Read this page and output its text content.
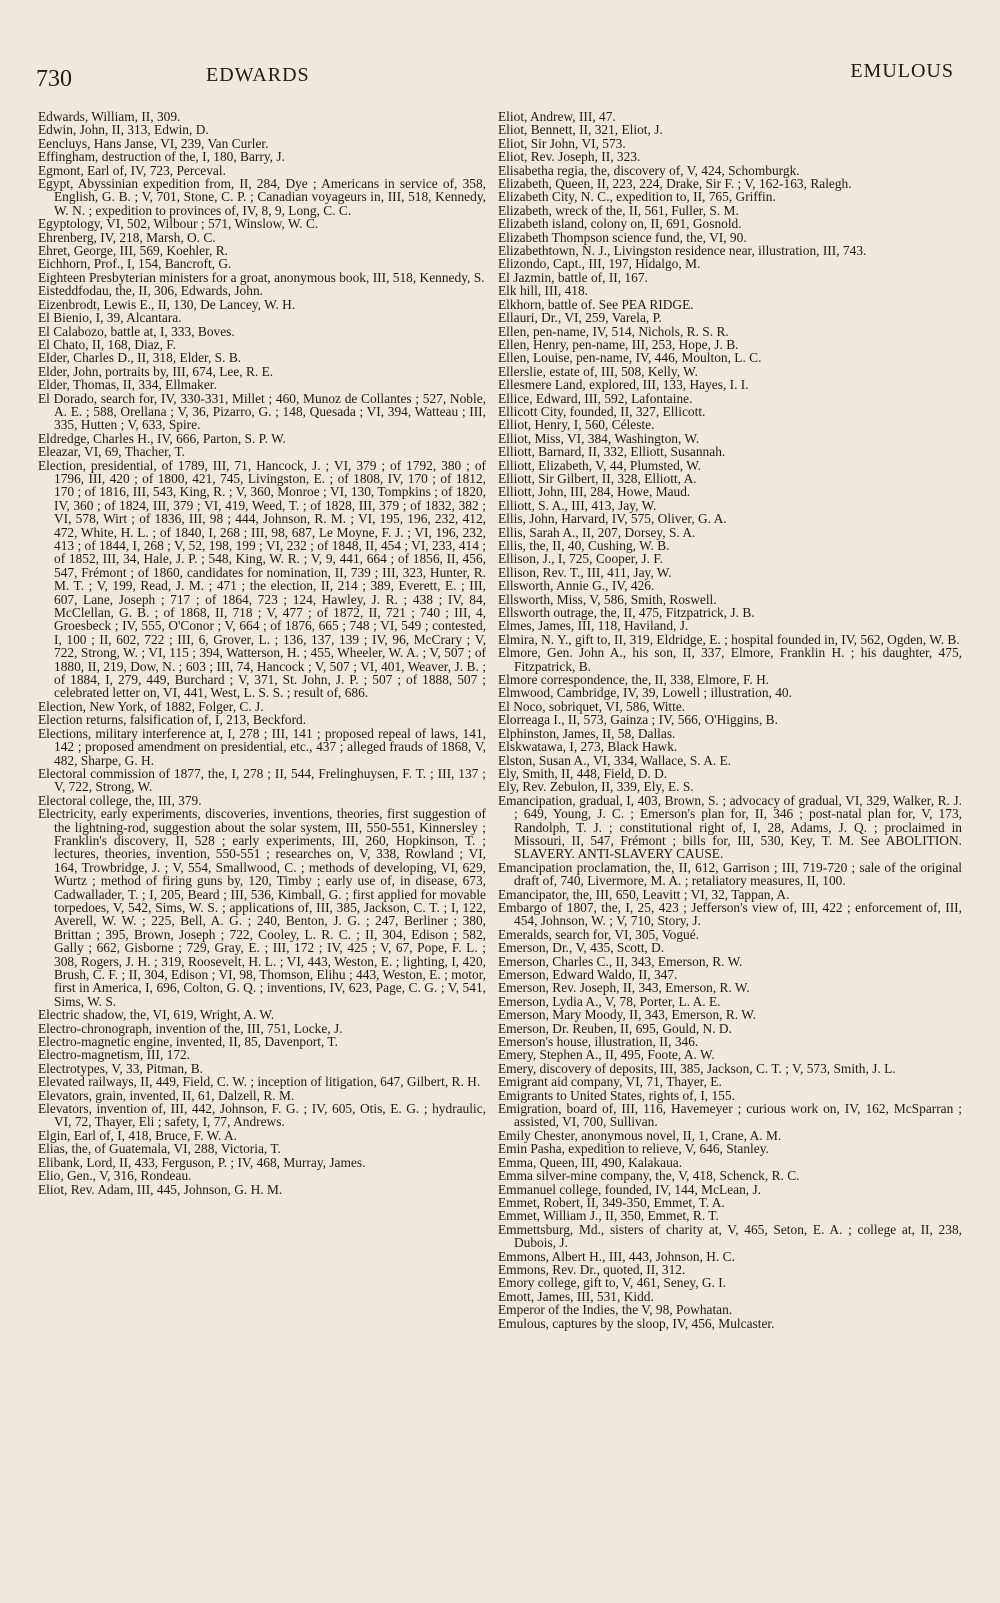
730	EDWARDS	EMULOUS

Edwards, William, II, 309.

Edwin, John, II, 313, Edwin, D.

Eencluys, Hans Janse, VI, 239, Van Curler.

Effingham, destruction of the, I, 180, Barry, J.

Egmont, Earl of, IV, 723, Perceval.

Egypt, Abyssinian expedition from, II, 284, Dye ; Americans in service of, 358, English, G. B. ; V, 701, Stone, C. P. ; Canadian voyageurs in, III, 518, Kennedy, W. N. ; expedition to provinces of, IV, 8, 9, Long, C. C.

Egyptology, VI, 502, Wilbour ; 571, Winslow, W. C.

Ehrenberg, IV, 218, Marsh, O. C.

Ehret, George, III, 569, Koehler, R.

Eichhorn, Prof., I, 154, Bancroft, G.

Eighteen Presbyterian ministers for a groat, anonymous book, III, 518, Kennedy, S.

Eisteddfodau, the, II, 306, Edwards, John.

Eizenbrodt, Lewis E., II, 130, De Lancey, W. H.

El Bienio, I, 39, Alcantara.

El Calabozo, battle at, I, 333, Boves.

El Chato, II, 168, Diaz, F.

Elder, Charles D., II, 318, Elder, S. B.

Elder, John, portraits by, III, 674, Lee, R. E.

Elder, Thomas, II, 334, Ellmaker.

El Dorado, search for, IV, 330-331, Millet ; 460, Munoz de Collantes ; 527, Noble, A. E. ; 588, Orellana ; V, 36, Pizarro, G. ; 148, Quesada ; VI, 394, Watteau ; III, 335, Hutten ; V, 633, Spire.

Eldredge, Charles H., IV, 666, Parton, S. P. W.

Eleazar, VI, 69, Thacher, T.

Election, presidential, of 1789, III, 71, Hancock, J. ; VI, 379 ; of 1792, 380 ; of 1796, III, 420 ; of 1800, 421, 745, Livingston, E. ; of 1808, IV, 170 ; of 1812, 170 ; of 1816, III, 543, King, R. ; V, 360, Monroe ; VI, 130, Tompkins ; of 1820, IV, 360 ; of 1824, III, 379 ; VI, 419, Weed, T. ; of 1828, III, 379 ; of 1832, 382 ; VI, 578, Wirt ; of 1836, III, 98 ; 444, Johnson, R. M. ; VI, 195, 196, 232, 412, 472, White, H. L. ; of 1840, I, 268 ; III, 98, 687, Le Moyne, F. J. ; VI, 196, 232, 413 ; of 1844, I, 268 ; V, 52, 198, 199 ; VI, 232 ; of 1848, II, 454 ; VI, 233, 414 ; of 1852, III, 34, Hale, J. P. ; 548, King, W. R. ; V, 9, 441, 664 ; of 1856, II, 456, 547, Frémont ; of 1860, candidates for nomination, II, 739 ; III, 323, Hunter, R. M. T. ; V, 199, Read, J. M. ; 471 ; the election, II, 214 ; 389, Everett, E. ; III, 607, Lane, Joseph ; 717 ; of 1864, 723 ; 124, Hawley, J. R. ; 438 ; IV, 84, McClellan, G. B. ; of 1868, II, 718 ; V, 477 ; of 1872, II, 721 ; 740 ; III, 4, Groesbeck ; IV, 555, O'Conor ; V, 664 ; of 1876, 665 ; 748 ; VI, 549 ; contested, I, 100 ; II, 602, 722 ; III, 6, Grover, L. ; 136, 137, 139 ; IV, 96, McCrary ; V, 722, Strong, W. ; VI, 115 ; 394, Watterson, H. ; 455, Wheeler, W. A. ; V, 507 ; of 1880, II, 219, Dow, N. ; 603 ; III, 74, Hancock ; V, 507 ; VI, 401, Weaver, J. B. ; of 1884, I, 279, 449, Burchard ; V, 371, St. John, J. P. ; 507 ; of 1888, 507 ; celebrated letter on, VI, 441, West, L. S. S. ; result of, 686.

Election, New York, of 1882, Folger, C. J.

Election returns, falsification of, I, 213, Beckford.

Elections, military interference at, I, 278 ; III, 141 ; proposed repeal of laws, 141, 142 ; proposed amendment on presidential, etc., 437 ; alleged frauds of 1868, V, 482, Sharpe, G. H.

Electoral commission of 1877, the, I, 278 ; II, 544, Frelinghuysen, F. T. ; III, 137 ; V, 722, Strong, W.

Electoral college, the, III, 379.

Electricity, early experiments, discoveries, inventions, theories, first suggestion of the lightning-rod, suggestion about the solar system, III, 550-551, Kinnersley ; Franklin's discovery, II, 528 ; early experiments, III, 260, Hopkinson, T. ; lectures, theories, invention, 550-551 ; researches on, V, 338, Rowland ; VI, 164, Trowbridge, J. ; V, 554, Smallwood, C. ; methods of developing, VI, 629, Wurtz ; method of firing guns by, 120, Timby ; early use of, in disease, 673, Cadwallader, T. ; I, 205, Beard ; III, 536, Kimball, G. ; first applied for movable torpedoes, V, 542, Sims, W. S. ; applications of, III, 385, Jackson, C. T. ; I, 122, Averell, W. W. ; 225, Bell, A. G. ; 240, Benton, J. G. ; 247, Berliner ; 380, Brittan ; 395, Brown, Joseph ; 722, Cooley, L. R. C. ; II, 304, Edison ; 582, Gally ; 662, Gisborne ; 729, Gray, E. ; III, 172 ; IV, 425 ; V, 67, Pope, F. L. ; 308, Rogers, J. H. ; 319, Roosevelt, H. L. ; VI, 443, Weston, E. ; lighting, I, 420, Brush, C. F. ; II, 304, Edison ; VI, 98, Thomson, Elihu ; 443, Weston, E. ; motor, first in America, I, 696, Colton, G. Q. ; inventions, IV, 623, Page, C. G. ; V, 541, Sims, W. S.

Electric shadow, the, VI, 619, Wright, A. W.

Electro-chronograph, invention of the, III, 751, Locke, J.

Electro-magnetic engine, invented, II, 85, Davenport, T.

Electro-magnetism, III, 172.

Electrotypes, V, 33, Pitman, B.

Elevated railways, II, 449, Field, C. W. ; inception of litigation, 647, Gilbert, R. H.

Elevators, grain, invented, II, 61, Dalzell, R. M.

Elevators, invention of, III, 442, Johnson, F. G. ; IV, 605, Otis, E. G. ; hydraulic, VI, 72, Thayer, Eli ; safety, I, 77, Andrews.

Elgin, Earl of, I, 418, Bruce, F. W. A.

Elias, the, of Guatemala, VI, 288, Victoria, T.

Elibank, Lord, II, 433, Ferguson, P. ; IV, 468, Murray, James.

Elio, Gen., V, 316, Rondeau.

Eliot, Rev. Adam, III, 445, Johnson, G. H. M.

Eliot, Andrew, III, 47.

Eliot, Bennett, II, 321, Eliot, J.

Eliot, Sir John, VI, 573.

Eliot, Rev. Joseph, II, 323.

Elisabetha regia, the, discovery of, V, 424, Schomburgk.

Elizabeth, Queen, II, 223, 224, Drake, Sir F. ; V, 162-163, Ralegh.

Elizabeth City, N. C., expedition to, II, 765, Griffin.

Elizabeth, wreck of the, II, 561, Fuller, S. M.

Elizabeth island, colony on, II, 691, Gosnold.

Elizabeth Thompson science fund, the, VI, 90.

Elizabethtown, N. J., Livingston residence near, illustration, III, 743.

Elizondo, Capt., III, 197, Hidalgo, M.

El Jazmin, battle of, II, 167.

Elk hill, III, 418.

Elkhorn, battle of. See PEA RIDGE.

Ellauri, Dr., VI, 259, Varela, P.

Ellen, pen-name, IV, 514, Nichols, R. S. R.

Ellen, Henry, pen-name, III, 253, Hope, J. B.

Ellen, Louise, pen-name, IV, 446, Moulton, L. C.

Ellerslie, estate of, III, 508, Kelly, W.

Ellesmere Land, explored, III, 133, Hayes, I. I.

Ellice, Edward, III, 592, Lafontaine.

Ellicott City, founded, II, 327, Ellicott.

Elliot, Henry, I, 560, Céleste.

Elliot, Miss, VI, 384, Washington, W.

Elliott, Barnard, II, 332, Elliott, Susannah.

Elliott, Elizabeth, V, 44, Plumsted, W.

Elliott, Sir Gilbert, II, 328, Elliott, A.

Elliott, John, III, 284, Howe, Maud.

Elliott, S. A., III, 413, Jay, W.

Ellis, John, Harvard, IV, 575, Oliver, G. A.

Ellis, Sarah A., II, 207, Dorsey, S. A.

Ellis, the, II, 40, Cushing, W. B.

Ellison, J., I, 725, Cooper, J. F.

Ellison, Rev. T., III, 411, Jay, W.

Ellsworth, Annie G., IV, 426.

Ellsworth, Miss, V, 586, Smith, Roswell.

Ellsworth outrage, the, II, 475, Fitzpatrick, J. B.

Elmes, James, III, 118, Haviland, J.

Elmira, N. Y., gift to, II, 319, Eldridge, E. ; hospital founded in, IV, 562, Ogden, W. B.

Elmore, Gen. John A., his son, II, 337, Elmore, Franklin H. ; his daughter, 475, Fitzpatrick, B.

Elmore correspondence, the, II, 338, Elmore, F. H.

Elmwood, Cambridge, IV, 39, Lowell ; illustration, 40.

El Noco, sobriquet, VI, 586, Witte.

Elorreaga I., II, 573, Gainza ; IV, 566, O'Higgins, B.

Elphinston, James, II, 58, Dallas.

Elskwatawa, I, 273, Black Hawk.

Elston, Susan A., VI, 334, Wallace, S. A. E.

Ely, Smith, II, 448, Field, D. D.

Ely, Rev. Zebulon, II, 339, Ely, E. S.

Emancipation, gradual, I, 403, Brown, S. ; advocacy of gradual, VI, 329, Walker, R. J. ; 649, Young, J. C. ; Emerson's plan for, II, 346 ; post-natal plan for, V, 173, Randolph, T. J. ; constitutional right of, I, 28, Adams, J. Q. ; proclaimed in Missouri, II, 547, Frémont ; bills for, III, 530, Key, T. M. See ABOLITION. SLAVERY. ANTI-SLAVERY CAUSE.

Emancipation proclamation, the, II, 612, Garrison ; III, 719-720 ; sale of the original draft of, 740, Livermore, M. A. ; retaliatory measures, II, 100.

Emancipator, the, III, 650, Leavitt ; VI, 32, Tappan, A.

Embargo of 1807, the, I, 25, 423 ; Jefferson's view of, III, 422 ; enforcement of, III, 454, Johnson, W. ; V, 710, Story, J.

Emeralds, search for, VI, 305, Vogué.

Emerson, Dr., V, 435, Scott, D.

Emerson, Charles C., II, 343, Emerson, R. W.

Emerson, Edward Waldo, II, 347.

Emerson, Rev. Joseph, II, 343, Emerson, R. W.

Emerson, Lydia A., V, 78, Porter, L. A. E.

Emerson, Mary Moody, II, 343, Emerson, R. W.

Emerson, Dr. Reuben, II, 695, Gould, N. D.

Emerson's house, illustration, II, 346.

Emery, Stephen A., II, 495, Foote, A. W.

Emery, discovery of deposits, III, 385, Jackson, C. T. ; V, 573, Smith, J. L.

Emigrant aid company, VI, 71, Thayer, E.

Emigrants to United States, rights of, I, 155.

Emigration, board of, III, 116, Havemeyer ; curious work on, IV, 162, McSparran ; assisted, VI, 700, Sullivan.

Emily Chester, anonymous novel, II, 1, Crane, A. M.

Emin Pasha, expedition to relieve, V, 646, Stanley.

Emma, Queen, III, 490, Kalakaua.

Emma silver-mine company, the, V, 418, Schenck, R. C.

Emmanuel college, founded, IV, 144, McLean, J.

Emmet, Robert, II, 349-350, Emmet, T. A.

Emmet, William J., II, 350, Emmet, R. T.

Emmettsburg, Md., sisters of charity at, V, 465, Seton, E. A. ; college at, II, 238, Dubois, J.

Emmons, Albert H., III, 443, Johnson, H. C.

Emmons, Rev. Dr., quoted, II, 312.

Emory college, gift to, V, 461, Seney, G. I.

Emott, James, III, 531, Kidd.

Emperor of the Indies, the V, 98, Powhatan.

Emulous, captures by the sloop, IV, 456, Mulcaster.
